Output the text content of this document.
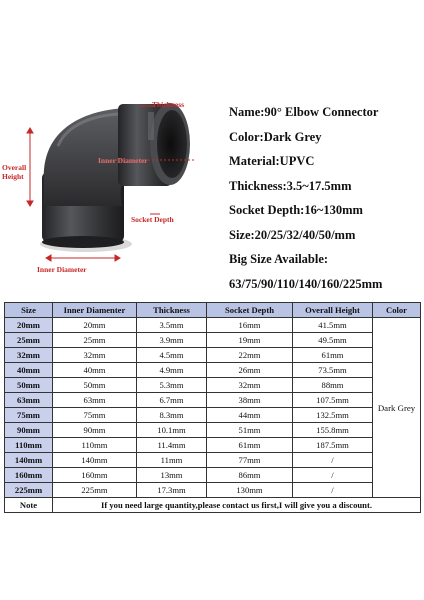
Thickness
Inner Diameter
Overall
Height
Socket Depth
Inner Diameter
Name:90° Elbow Connector
Color:Dark Grey
Material:UPVC
Thickness:3.5~17.5mm
Socket Depth:16~130mm
Size:20/25/32/40/50/mm
Big Size Available:
63/75/90/110/140/160/225mm
Size	Inner Diamenter	Thickness	Socket Depth	Overall Height	Color
20mm	20mm	3.5mm	16mm	41.5mm	Dark Grey
25mm	25mm	3.9mm	19mm	49.5mm	
32mm	32mm	4.5mm	22mm	61mm	
40mm	40mm	4.9mm	26mm	73.5mm	
50mm	50mm	5.3mm	32mm	88mm	
63mm	63mm	6.7mm	38mm	107.5mm	
75mm	75mm	8.3mm	44mm	132.5mm	
90mm	90mm	10.1mm	51mm	155.8mm	
110mm	110mm	11.4mm	61mm	187.5mm	
140mm	140mm	11mm	77mm	/	
160mm	160mm	13mm	86mm	/	
225mm	225mm	17.3mm	130mm	/	
Note	If you need large quantity,please contact us first,I will give you a discount.				
